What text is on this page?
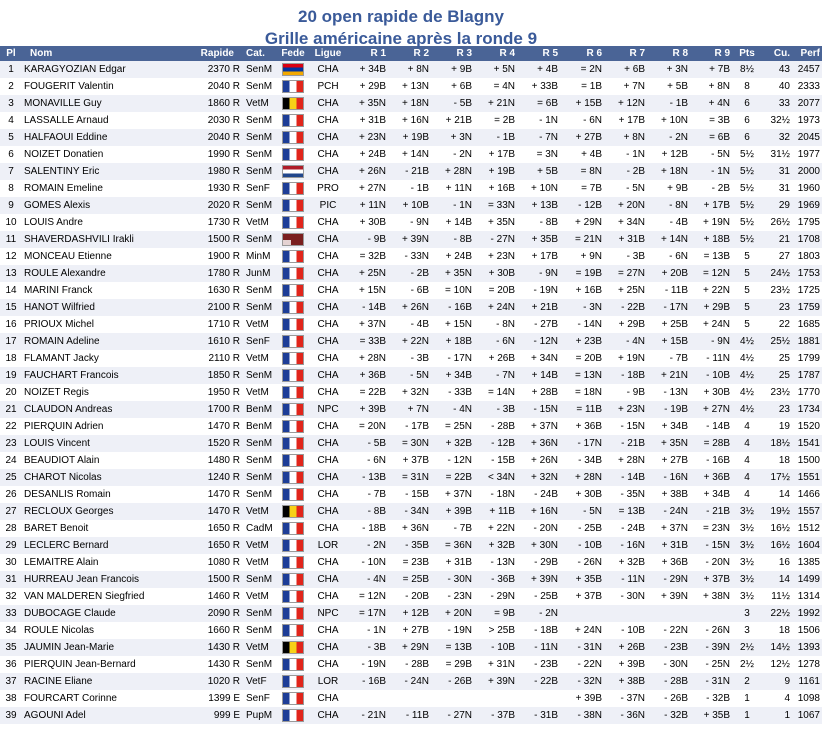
20 open rapide de Blagny
Grille américaine après la ronde 9
Pl	Nom	Rapide	Cat.	Fede	Ligue	R 1	R 2	R 3	R 4	R 5	R 6	R 7	R 8	R 9	Pts	Cu.	Perf
1	KARAGYOZIAN Edgar	2370 R	SenM		CHA	+ 34B	+ 8N	+ 9B	+ 5N	+ 4B	= 2N	+ 6B	+ 3N	+ 7B	8½	43	2457
2	FOUGERIT Valentin	2040 R	SenM		PCH	+ 29B	+ 13N	+ 6B	= 4N	+ 33B	= 1B	+ 7N	+ 5B	+ 8N	8	40	2333
3	MONAVILLE Guy	1860 R	VetM		CHA	+ 35N	+ 18N	- 5B	+ 21N	= 6B	+ 15B	+ 12N	- 1B	+ 4N	6	33	2077
4	LASSALLE Arnaud	2030 R	SenM		CHA	+ 31B	+ 16N	+ 21B	= 2B	- 1N	- 6N	+ 17B	+ 10N	= 3B	6	32½	1973
5	HALFAOUI Eddine	2040 R	SenM		CHA	+ 23N	+ 19B	+ 3N	- 1B	- 7N	+ 27B	+ 8N	- 2N	= 6B	6	32	2045
6	NOIZET Donatien	1990 R	SenM		CHA	+ 24B	+ 14N	- 2N	+ 17B	= 3N	+ 4B	- 1N	+ 12B	- 5N	5½	31½	1977
7	SALENTINY Eric	1980 R	SenM		CHA	+ 26N	- 21B	+ 28N	+ 19B	+ 5B	= 8N	- 2B	+ 18N	- 1N	5½	31	2000
8	ROMAIN Emeline	1930 R	SenF		PRO	+ 27N	- 1B	+ 11N	+ 16B	+ 10N	= 7B	- 5N	+ 9B	- 2B	5½	31	1960
9	GOMES Alexis	2020 R	SenM		PIC	+ 11N	+ 10B	- 1N	= 33N	+ 13B	- 12B	+ 20N	- 8N	+ 17B	5½	29	1969
10	LOUIS Andre	1730 R	VetM		CHA	+ 30B	- 9N	+ 14B	+ 35N	- 8B	+ 29N	+ 34N	- 4B	+ 19N	5½	26½	1795
11	SHAVERDASHVILI Irakli	1500 R	SenM		CHA	- 9B	+ 39N	- 8B	- 27N	+ 35B	= 21N	+ 31B	+ 14N	+ 18B	5½	21	1708
12	MONCEAU Etienne	1900 R	MinM		CHA	= 32B	- 33N	+ 24B	+ 23N	+ 17B	+ 9N	- 3B	- 6N	= 13B	5	27	1803
13	ROULE Alexandre	1780 R	JunM		CHA	+ 25N	- 2B	+ 35N	+ 30B	- 9N	= 19B	= 27N	+ 20B	= 12N	5	24½	1753
14	MARINI Franck	1630 R	SenM		CHA	+ 15N	- 6B	= 10N	= 20B	- 19N	+ 16B	+ 25N	- 11B	+ 22N	5	23½	1725
15	HANOT Wilfried	2100 R	SenM		CHA	- 14B	+ 26N	- 16B	+ 24N	+ 21B	- 3N	- 22B	- 17N	+ 29B	5	23	1759
16	PRIOUX Michel	1710 R	VetM		CHA	+ 37N	- 4B	+ 15N	- 8N	- 27B	- 14N	+ 29B	+ 25B	+ 24N	5	22	1685
17	ROMAIN Adeline	1610 R	SenF		CHA	= 33B	+ 22N	+ 18B	- 6N	- 12N	+ 23B	- 4N	+ 15B	- 9N	4½	25½	1881
18	FLAMANT Jacky	2110 R	VetM		CHA	+ 28N	- 3B	- 17N	+ 26B	+ 34N	= 20B	+ 19N	- 7B	- 11N	4½	25	1799
19	FAUCHART Francois	1850 R	SenM		CHA	+ 36B	- 5N	+ 34B	- 7N	+ 14B	= 13N	- 18B	+ 21N	- 10B	4½	25	1787
20	NOIZET Regis	1950 R	VetM		CHA	= 22B	+ 32N	- 33B	= 14N	+ 28B	= 18N	- 9B	- 13N	+ 30B	4½	23½	1770
21	CLAUDON Andreas	1700 R	BenM		NPC	+ 39B	+ 7N	- 4N	- 3B	- 15N	= 11B	+ 23N	- 19B	+ 27N	4½	23	1734
22	PIERQUIN Adrien	1470 R	BenM		CHA	= 20N	- 17B	= 25N	- 28B	+ 37N	+ 36B	- 15N	+ 34B	- 14B	4	19	1520
23	LOUIS Vincent	1520 R	SenM		CHA	- 5B	= 30N	+ 32B	- 12B	+ 36N	- 17N	- 21B	+ 35N	= 28B	4	18½	1541
24	BEAUDIOT Alain	1480 R	SenM		CHA	- 6N	+ 37B	- 12N	- 15B	+ 26N	- 34B	+ 28N	+ 27B	- 16B	4	18	1500
25	CHAROT Nicolas	1240 R	SenM		CHA	- 13B	= 31N	= 22B	< 34N	+ 32N	+ 28N	- 14B	- 16N	+ 36B	4	17½	1551
26	DESANLIS Romain	1470 R	SenM		CHA	- 7B	- 15B	+ 37N	- 18N	- 24B	+ 30B	- 35N	+ 38B	+ 34B	4	14	1466
27	RECLOUX Georges	1470 R	VetM		CHA	- 8B	- 34N	+ 39B	+ 11B	+ 16N	- 5N	= 13B	- 24N	- 21B	3½	19½	1557
28	BARET Benoit	1650 R	CadM		CHA	- 18B	+ 36N	- 7B	+ 22N	- 20N	- 25B	- 24B	+ 37N	= 23N	3½	16½	1512
29	LECLERC Bernard	1650 R	VetM		LOR	- 2N	- 35B	= 36N	+ 32B	+ 30N	- 10B	- 16N	+ 31B	- 15N	3½	16½	1604
30	LEMAITRE Alain	1080 R	VetM		CHA	- 10N	= 23B	+ 31B	- 13N	- 29B	- 26N	+ 32B	+ 36B	- 20N	3½	16	1385
31	HURREAU Jean Francois	1500 R	SenM		CHA	- 4N	= 25B	- 30N	- 36B	+ 39N	+ 35B	- 11N	- 29N	+ 37B	3½	14	1499
32	VAN MALDEREN Siegfried	1460 R	VetM		CHA	= 12N	- 20B	- 23N	- 29N	- 25B	+ 37B	- 30N	+ 39N	+ 38N	3½	11½	1314
33	DUBOCAGE Claude	2090 R	SenM		NPC	= 17N	+ 12B	+ 20N	= 9B	- 2N					3	22½	1992
34	ROULE Nicolas	1660 R	SenM		CHA	- 1N	+ 27B	- 19N	> 25B	- 18B	+ 24N	- 10B	- 22N	- 26N	3	18	1506
35	JAUMIN Jean-Marie	1430 R	VetM		CHA	- 3B	+ 29N	= 13B	- 10B	- 11N	- 31N	+ 26B	- 23B	- 39N	2½	14½	1393
36	PIERQUIN Jean-Bernard	1430 R	SenM		CHA	- 19N	- 28B	= 29B	+ 31N	- 23B	- 22N	+ 39B	- 30N	- 25N	2½	12½	1278
37	RACINE Eliane	1020 R	VetF		LOR	- 16B	- 24N	- 26B	+ 39N	- 22B	- 32N	+ 38B	- 28B	- 31N	2	9	1161
38	FOURCART Corinne	1399 E	SenF		CHA						+ 39B	- 37N	- 26B	- 32B	1	4	1098
39	AGOUNI Adel	999 E	PupM		CHA	- 21N	- 11B	- 27N	- 37B	- 31B	- 38N	- 36N	- 32B	+ 35B	1	1	1067
